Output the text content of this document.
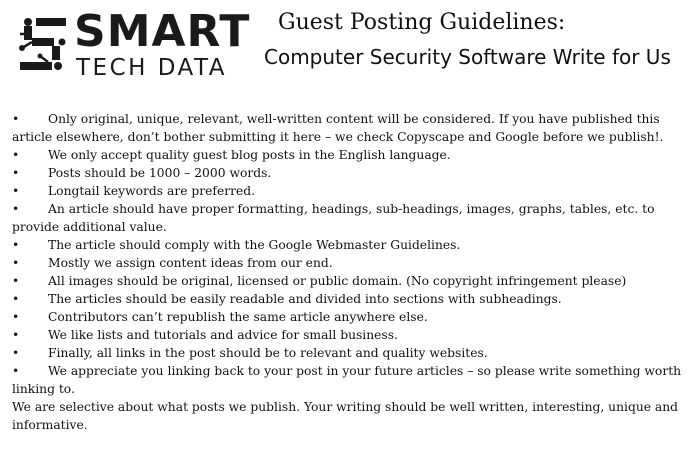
SMART
TECH DATA
Guest Posting Guidelines:
Computer Security Software Write for Us

• Only original, unique, relevant, well-written content will be considered. If you have published this article elsewhere, don’t bother submitting it here – we check Copyscape and Google before we publish!.

• We only accept quality guest blog posts in the English language.

• Posts should be 1000 – 2000 words.

• Longtail keywords are preferred.

• An article should have proper formatting, headings, sub-headings, images, graphs, tables, etc. to provide additional value.

• The article should comply with the Google Webmaster Guidelines.

• Mostly we assign content ideas from our end.

• All images should be original, licensed or public domain. (No copyright infringement please)

• The articles should be easily readable and divided into sections with subheadings.

• Contributors can’t republish the same article anywhere else.

• We like lists and tutorials and advice for small business.

• Finally, all links in the post should be to relevant and quality websites.

• We appreciate you linking back to your post in your future articles – so please write something worth linking to.

We are selective about what posts we publish. Your writing should be well written, interesting, unique and informative.
